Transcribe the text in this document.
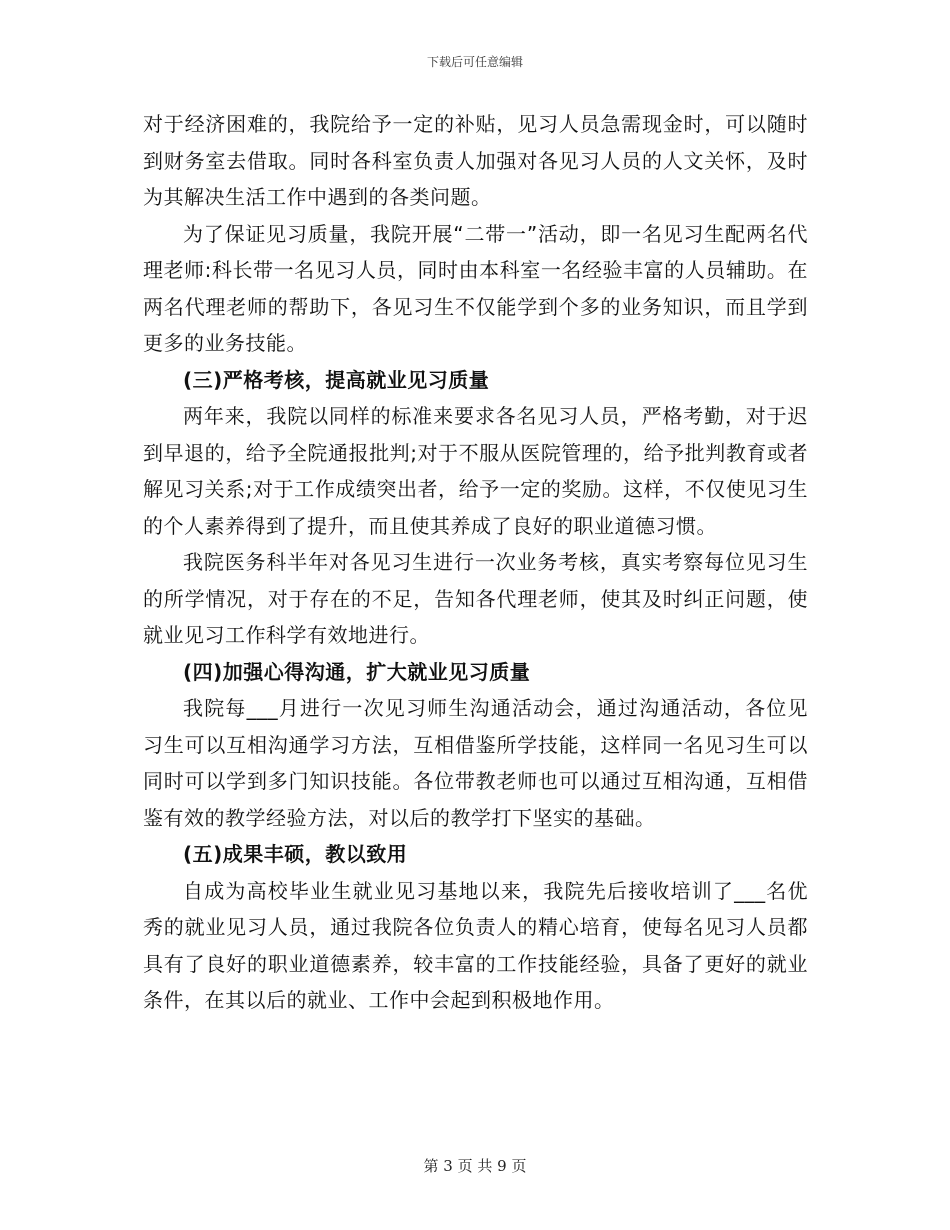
下载后可任意编辑

对于经济困难的，我院给予一定的补贴，见习人员急需现金时，可以随时到财务室去借取。同时各科室负责人加强对各见习人员的人文关怀，及时为其解决生活工作中遇到的各类问题。

为了保证见习质量，我院开展“二带一”活动，即一名见习生配两名代理老师:科长带一名见习人员，同时由本科室一名经验丰富的人员辅助。在两名代理老师的帮助下，各见习生不仅能学到个多的业务知识，而且学到更多的业务技能。

(三)严格考核，提高就业见习质量

两年来，我院以同样的标准来要求各名见习人员，严格考勤，对于迟到早退的，给予全院通报批判;对于不服从医院管理的，给予批判教育或者解见习关系;对于工作成绩突出者，给予一定的奖励。这样，不仅使见习生的个人素养得到了提升，而且使其养成了良好的职业道德习惯。

我院医务科半年对各见习生进行一次业务考核，真实考察每位见习生的所学情况，对于存在的不足，告知各代理老师，使其及时纠正问题，使就业见习工作科学有效地进行。

(四)加强心得沟通，扩大就业见习质量

我院每___月进行一次见习师生沟通活动会，通过沟通活动，各位见习生可以互相沟通学习方法，互相借鉴所学技能，这样同一名见习生可以同时可以学到多门知识技能。各位带教老师也可以通过互相沟通，互相借鉴有效的教学经验方法，对以后的教学打下坚实的基础。

(五)成果丰硕，教以致用

自成为高校毕业生就业见习基地以来，我院先后接收培训了___名优秀的就业见习人员，通过我院各位负责人的精心培育，使每名见习人员都具有了良好的职业道德素养，较丰富的工作技能经验，具备了更好的就业条件，在其以后的就业、工作中会起到积极地作用。

第 3 页 共 9 页
